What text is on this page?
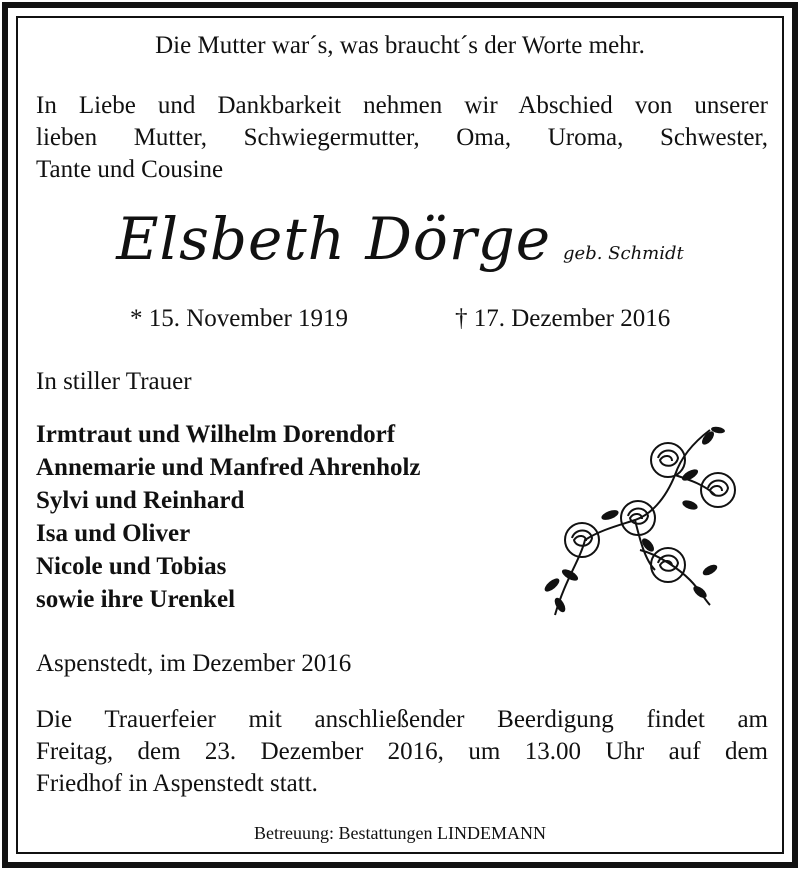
Die Mutter war´s, was braucht´s der Worte mehr.
In Liebe und Dankbarkeit nehmen wir Abschied von unserer
lieben Mutter, Schwiegermutter, Oma, Uroma, Schwester,
Tante und Cousine
Elsbeth Dörge geb. Schmidt
* 15. November 1919	† 17. Dezember 2016
In stiller Trauer
Irmtraut und Wilhelm Dorendorf
Annemarie und Manfred Ahrenholz
Sylvi und Reinhard
Isa und Oliver
Nicole und Tobias
sowie ihre Urenkel
Aspenstedt, im Dezember 2016
Die Trauerfeier mit anschließender Beerdigung findet am
Freitag, dem 23. Dezember 2016, um 13.00 Uhr auf dem
Friedhof in Aspenstedt statt.
Betreuung: Bestattungen LINDEMANN
